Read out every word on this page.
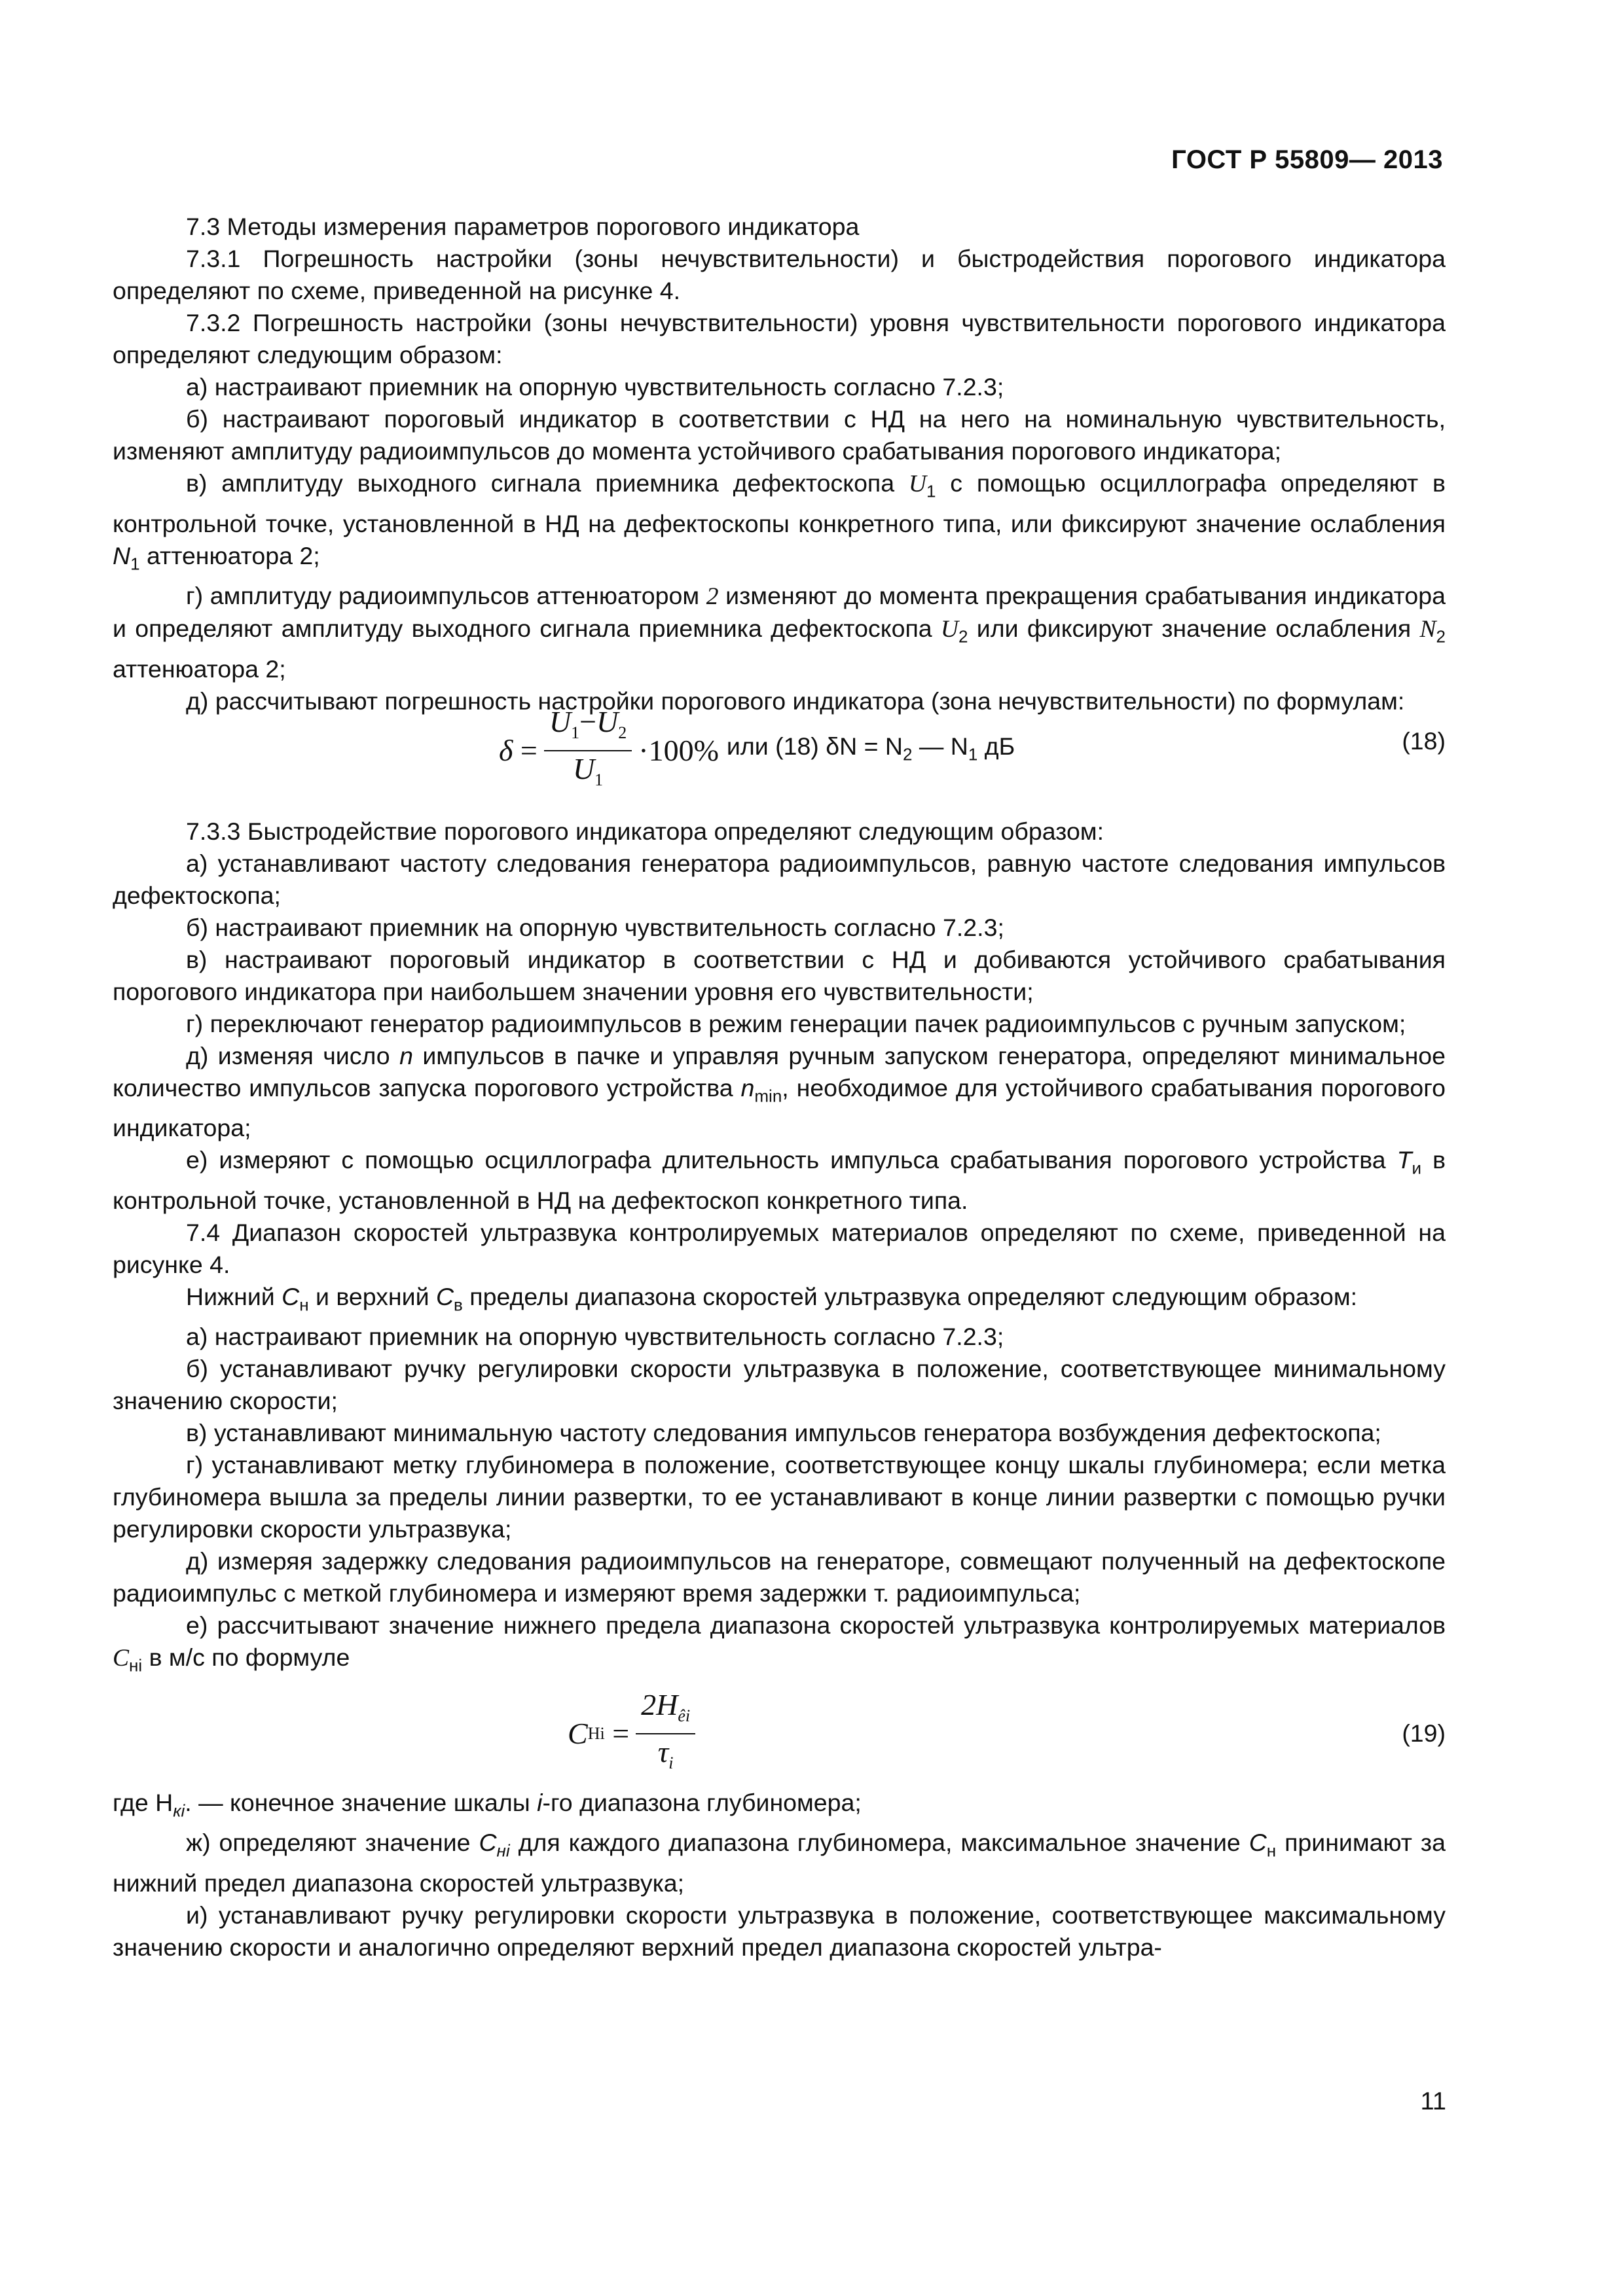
ГОСТ Р 55809— 2013

7.3 Методы измерения параметров порогового индикатора

7.3.1 Погрешность настройки (зоны нечувствительности) и быстродействия порогового индикатора определяют по схеме, приведенной на рисунке 4.

7.3.2 Погрешность настройки (зоны нечувствительности) уровня чувствительности порогового индикатора определяют следующим образом:

а) настраивают приемник на опорную чувствительность согласно 7.2.3;

б) настраивают пороговый индикатор в соответствии с НД на него на номинальную чувствительность, изменяют амплитуду радиоимпульсов до момента устойчивого срабатывания порогового индикатора;

в) амплитуду выходного сигнала приемника дефектоскопа $U_1$ с помощью осциллографа определяют в контрольной точке, установленной в НД на дефектоскопы конкретного типа, или фиксируют значение ослабления $N_1$ аттенюатора 2;

г) амплитуду радиоимпульсов аттенюатором 2 изменяют до момента прекращения срабатывания индикатора и определяют амплитуду выходного сигнала приемника дефектоскопа $U_2$ или фиксируют значение ослабления $N_2$ аттенюатора 2;

д) рассчитывают погрешность настройки порогового индикатора (зона нечувствительности) по формулам:

$\delta = \frac{U_1-U_2}{U_1} \cdot 100\%$ или (18) $\delta N = N_2$ — $N_1$ дБ	(18)

7.3.3 Быстродействие порогового индикатора определяют следующим образом:

а) устанавливают частоту следования генератора радиоимпульсов, равную частоте следования импульсов дефектоскопа;

б) настраивают приемник на опорную чувствительность согласно 7.2.3;

в) настраивают пороговый индикатор в соответствии с НД и добиваются устойчивого срабатывания порогового индикатора при наибольшем значении уровня его чувствительности;

г) переключают генератор радиоимпульсов в режим генерации пачек радиоимпульсов с ручным запуском;

д) изменяя число n импульсов в пачке и управляя ручным запуском генератора, определяют минимальное количество импульсов запуска порогового устройства $n_{min}$, необходимое для устойчивого срабатывания порогового индикатора;

е) измеряют с помощью осциллографа длительность импульса срабатывания порогового устройства $T_и$ в контрольной точке, установленной в НД на дефектоскоп конкретного типа.

7.4 Диапазон скоростей ультразвука контролируемых материалов определяют по схеме, приведенной на рисунке 4.

Нижний $С_н$ и верхний $С_в$ пределы диапазона скоростей ультразвука определяют следующим образом:

а) настраивают приемник на опорную чувствительность согласно 7.2.3;

б) устанавливают ручку регулировки скорости ультразвука в положение, соответствующее минимальному значению скорости;

в) устанавливают минимальную частоту следования импульсов генератора возбуждения дефектоскопа;

г) устанавливают метку глубиномера в положение, соответствующее концу шкалы глубиномера; если метка глубиномера вышла за пределы линии развертки, то ее устанавливают в конце линии развертки с помощью ручки регулировки скорости ультразвука;

д) измеряя задержку следования радиоимпульсов на генераторе, совмещают полученный на дефектоскопе радиоимпульс с меткой глубиномера и измеряют время задержки т. радиоимпульса;

е) рассчитывают значение нижнего предела диапазона скоростей ультразвука контролируемых материалов $С_{нi}$ в м/с по формуле

C $Hi = \frac{2H_{êi}}{\tau_i}$	(19)

где $Н_{кi}$. — конечное значение шкалы i-го диапазона глубиномера;

ж) определяют значение $С_{нi}$ для каждого диапазона глубиномера, максимальное значение $С_н$ принимают за нижний предел диапазона скоростей ультразвука;

и) устанавливают ручку регулировки скорости ультразвука в положение, соответствующее максимальному значению скорости и аналогично определяют верхний предел диапазона скоростей ультра-

11
